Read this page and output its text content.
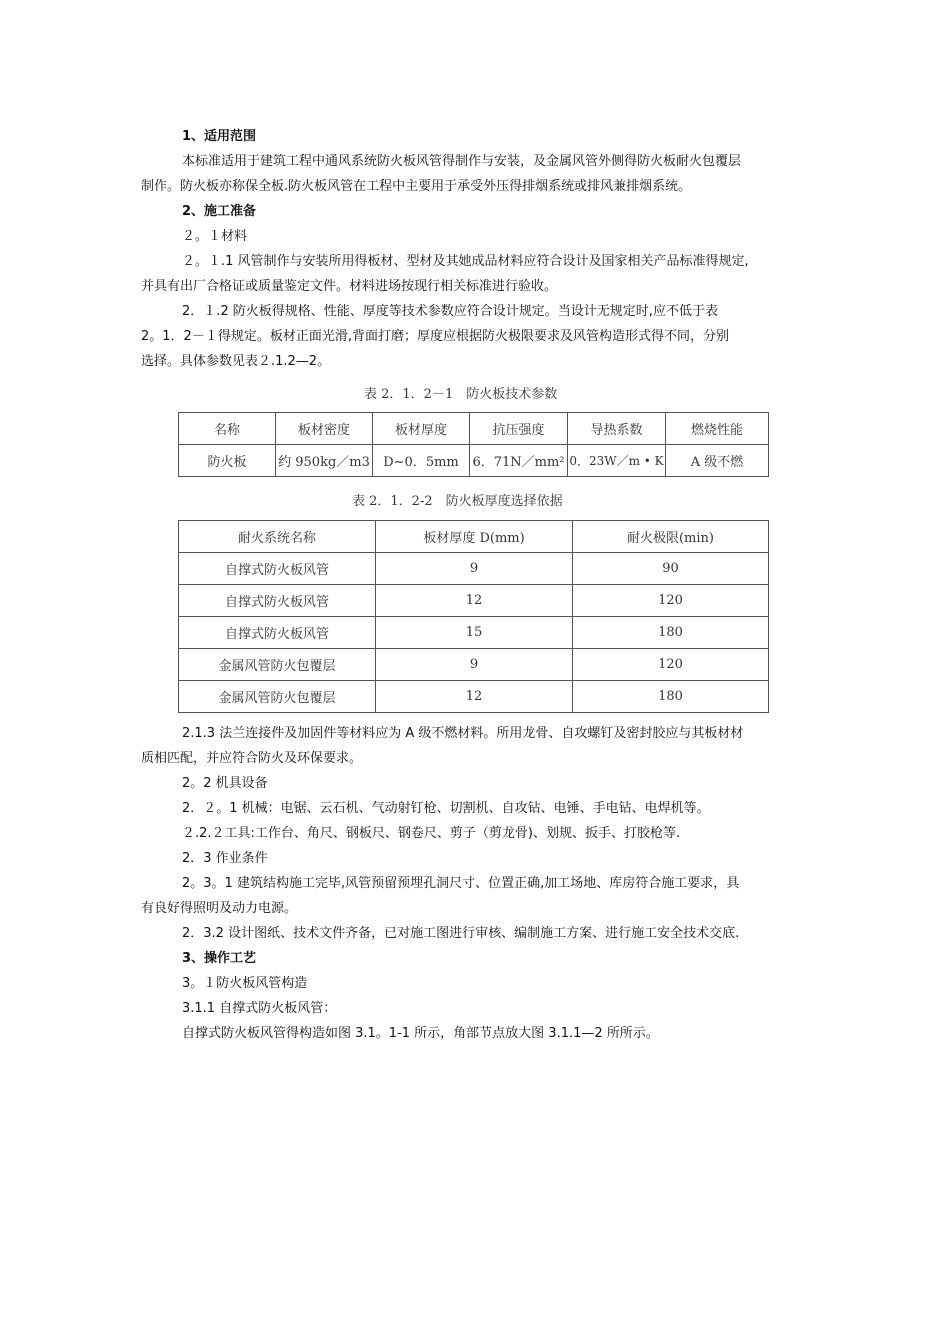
1、适用范围
本标准适用于建筑工程中通风系统防火板风管得制作与安装，及金属风管外侧得防火板耐火包覆层
制作。防火板亦称保全板.防火板风管在工程中主要用于承受外压得排烟系统或排风兼排烟系统。
2、施工准备
２。１材料
２。１.1 风管制作与安装所用得板材、型材及其她成品材料应符合设计及国家相关产品标准得规定,
并具有出厂合格证或质量鉴定文件。材料进场按现行相关标准进行验收。
2．１.2 防火板得规格、性能、厚度等技术参数应符合设计规定。当设计无规定时,应不低于表
2。1．2－１得规定。板材正面光滑,背面打磨；厚度应根据防火极限要求及风管构造形式得不同，分别
选择。具体参数见表２.1.2—2。
表 2．1．2－1　防火板技术参数
名称	板材密度	板材厚度	抗压强度	导热系数	燃烧性能
防火板	约 950kg／m3	D~0．5mm	6．71N／mm²	0．23W／m • K	A 级不燃
表 2．1．2-2　防火板厚度选择依据
耐火系统名称	板材厚度 D(mm)	耐火极限(min)
自撑式防火板风管	9	90
自撑式防火板风管	12	120
自撑式防火板风管	15	180
金属风管防火包覆层	9	120
金属风管防火包覆层	12	180
2.1.3 法兰连接件及加固件等材料应为 A 级不燃材料。所用龙骨、自攻螺钉及密封胶应与其板材材
质相匹配，并应符合防火及环保要求。
2。2 机具设备
2．２。1 机械：电锯、云石机、气动射钉枪、切割机、自攻钻、电锤、手电钻、电焊机等。
２.2.２工具:工作台、角尺、钢板尺、钢卷尺、剪子（剪龙骨)、划规、扳手、打胶枪等.
2．3 作业条件
2。3。1 建筑结构施工完毕,风管预留预埋孔洞尺寸、位置正确,加工场地、库房符合施工要求，具
有良好得照明及动力电源。
2．3.2 设计图纸、技术文件齐备，已对施工图进行审核、编制施工方案、进行施工安全技术交底.
3、操作工艺
3。１防火板风管构造
3.1.1 自撑式防火板风管：
自撑式防火板风管得构造如图 3.1。1-1 所示，角部节点放大图 3.1.1—2 所所示。
